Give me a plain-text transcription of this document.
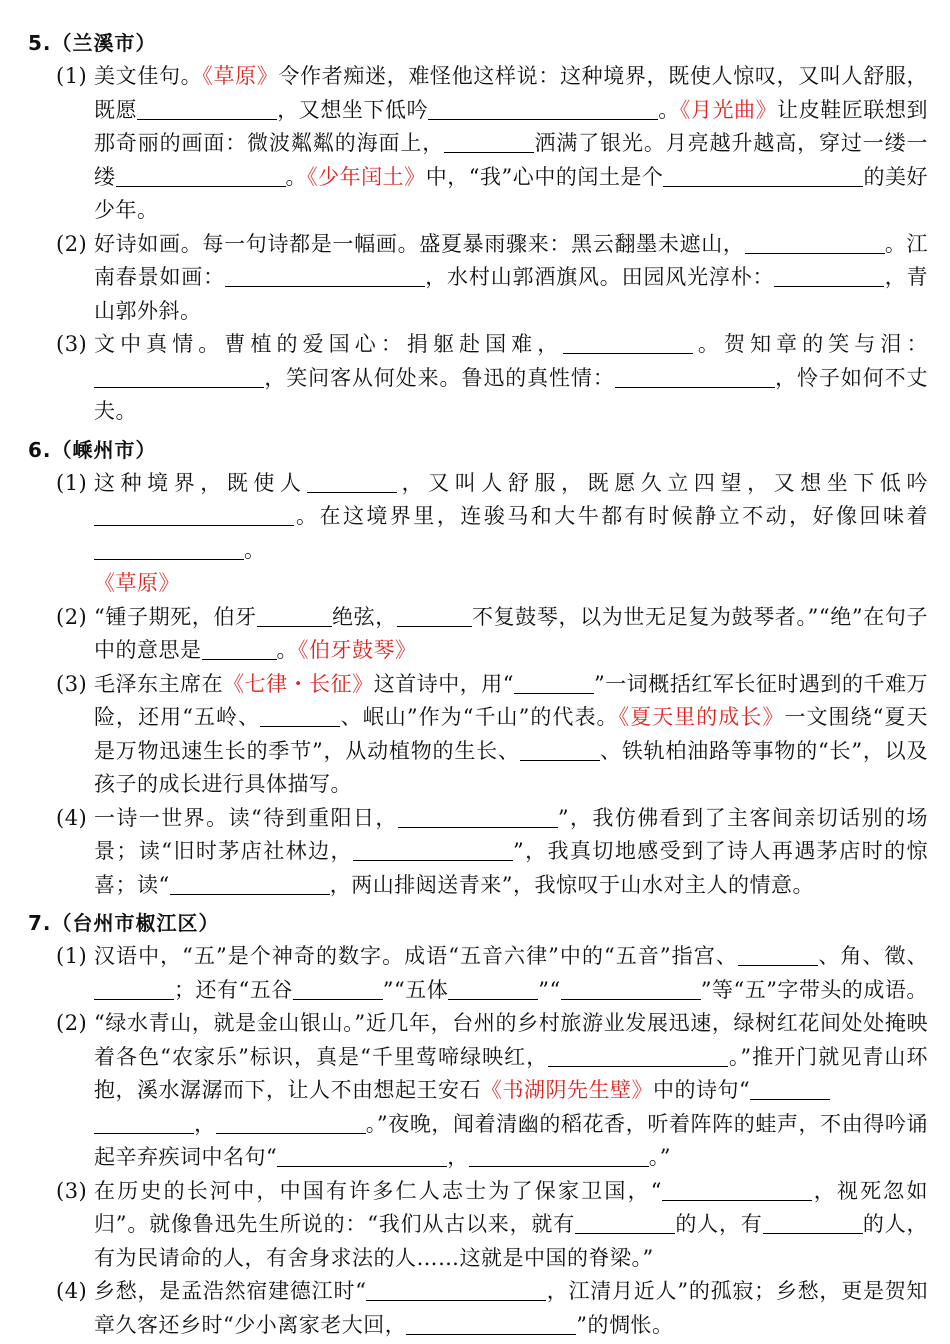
5.（兰溪市）
(1) 美文佳句。《草原》令作者痴迷，难怪他这样说：这种境界，既使人惊叹，又叫人舒服，既愿	，又想坐下低吟	。《月光曲》让皮鞋匠联想到那奇丽的画面：微波粼粼的海面上，	洒满了银光。月亮越升越高，穿过一缕一缕	。《少年闰土》中，“我”心中的闰土是个	的美好少年。
(2) 好诗如画。每一句诗都是一幅画。盛夏暴雨骤来：黑云翻墨未遮山，	。江南春景如画：	，水村山郭酒旗风。田园风光淳朴：	，青山郭外斜。
(3) 文中真情。曹植的爱国心：捐躯赴国难，	。贺知章的笑与泪：，笑问客从何处来。鲁迅的真性情：	，怜子如何不丈夫。
6.（嵊州市）
(1) 这种境界，既使人	，又叫人舒服，既愿久立四望，又想坐下低吟。在这境界里，连骏马和大牛都有时候静立不动，好像回味着。
《草原》
(2) “锺子期死，伯牙	绝弦，	不复鼓琴，以为世无足复为鼓琴者。”“绝”在句子中的意思是	。《伯牙鼓琴》
(3) 毛泽东主席在《七律・长征》这首诗中，用“	”一词概括红军长征时遇到的千难万险，还用“五岭、	、岷山”作为“千山”的代表。《夏天里的成长》一文围绕“夏天是万物迅速生长的季节”，从动植物的生长、	、铁轨柏油路等事物的“长”，以及孩子的成长进行具体描写。
(4) 一诗一世界。读“待到重阳日，	”，我仿佛看到了主客间亲切话别的场景；读“旧时茅店社林边，	”，我真切地感受到了诗人再遇茅店时的惊喜；读“	，两山排闼送青来”，我惊叹于山水对主人的情意。
7.（台州市椒江区）
(1) 汉语中，“五”是个神奇的数字。成语“五音六律”中的“五音”指宫、	、角、徵、；还有“五谷	”“五体	”“	”等“五”字带头的成语。
(2) “绿水青山，就是金山银山。”近几年，台州的乡村旅游业发展迅速，绿树红花间处处掩映着各色“农家乐”标识，真是“千里莺啼绿映红，	。”推开门就见青山环抱，溪水潺潺而下，让人不由想起王安石《书湖阴先生壁》中的诗句“
，	。”夜晚，闻着清幽的稻花香，听着阵阵的蛙声，不由得吟诵起辛弃疾词中名句“	，	。”
(3) 在历史的长河中，中国有许多仁人志士为了保家卫国，“	，视死忽如归”。就像鲁迅先生所说的：“我们从古以来，就有	的人，有	的人，有为民请命的人，有舍身求法的人……这就是中国的脊梁。”
(4) 乡愁，是孟浩然宿建德江时“	，江清月近人”的孤寂；乡愁，更是贺知章久客还乡时“少小离家老大回，	”的惆怅。
